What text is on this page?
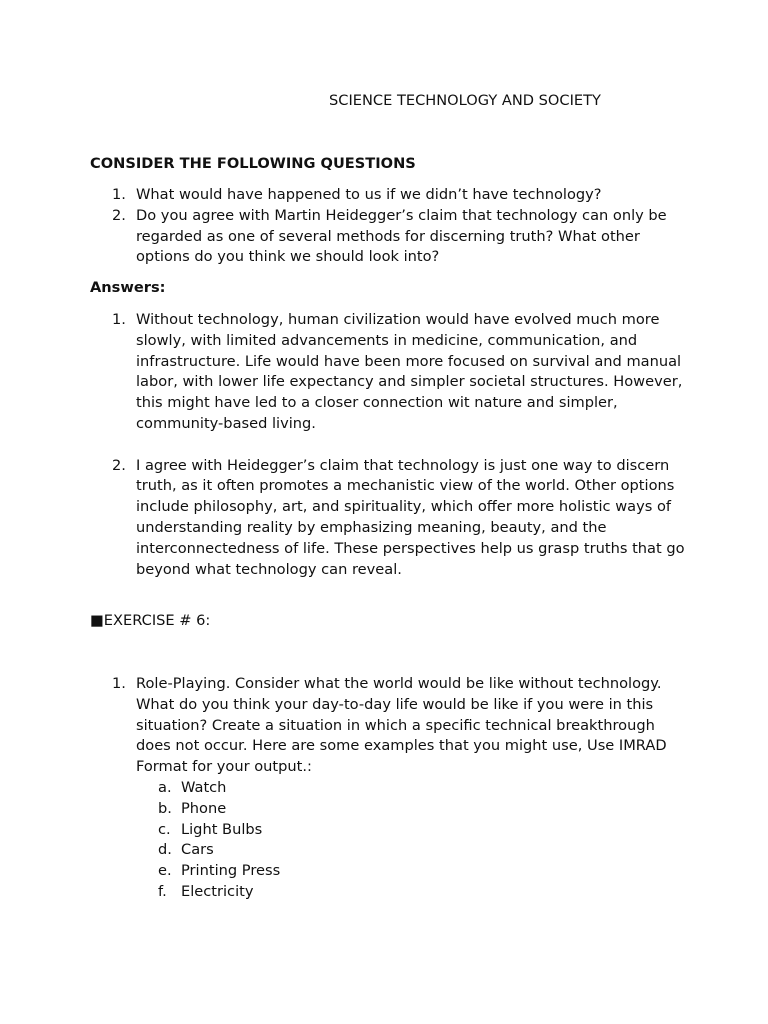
SCIENCE TECHNOLOGY AND SOCIETY
CONSIDER THE FOLLOWING QUESTIONS
1. What would have happened to us if we didn’t have technology?
2. Do you agree with Martin Heidegger’s claim that technology can only be regarded as one of several methods for discerning truth? What other options do you think we should look into?
Answers:
1. Without technology, human civilization would have evolved much more slowly, with limited advancements in medicine, communication, and infrastructure. Life would have been more focused on survival and manual labor, with lower life expectancy and simpler societal structures. However, this might have led to a closer connection wit nature and simpler, community-based living.
2. I agree with Heidegger’s claim that technology is just one way to discern truth, as it often promotes a mechanistic view of the world. Other options include philosophy, art, and spirituality, which offer more holistic ways of understanding reality by emphasizing meaning, beauty, and the interconnectedness of life. These perspectives help us grasp truths that go beyond what technology can reveal.
■EXERCISE # 6:
1. Role-Playing. Consider what the world would be like without technology. What do you think your day-to-day life would be like if you were in this situation? Create a situation in which a specific technical breakthrough does not occur. Here are some examples that you might use, Use IMRAD Format for your output.:
a. Watch
b. Phone
c. Light Bulbs
d. Cars
e. Printing Press
f. Electricity
